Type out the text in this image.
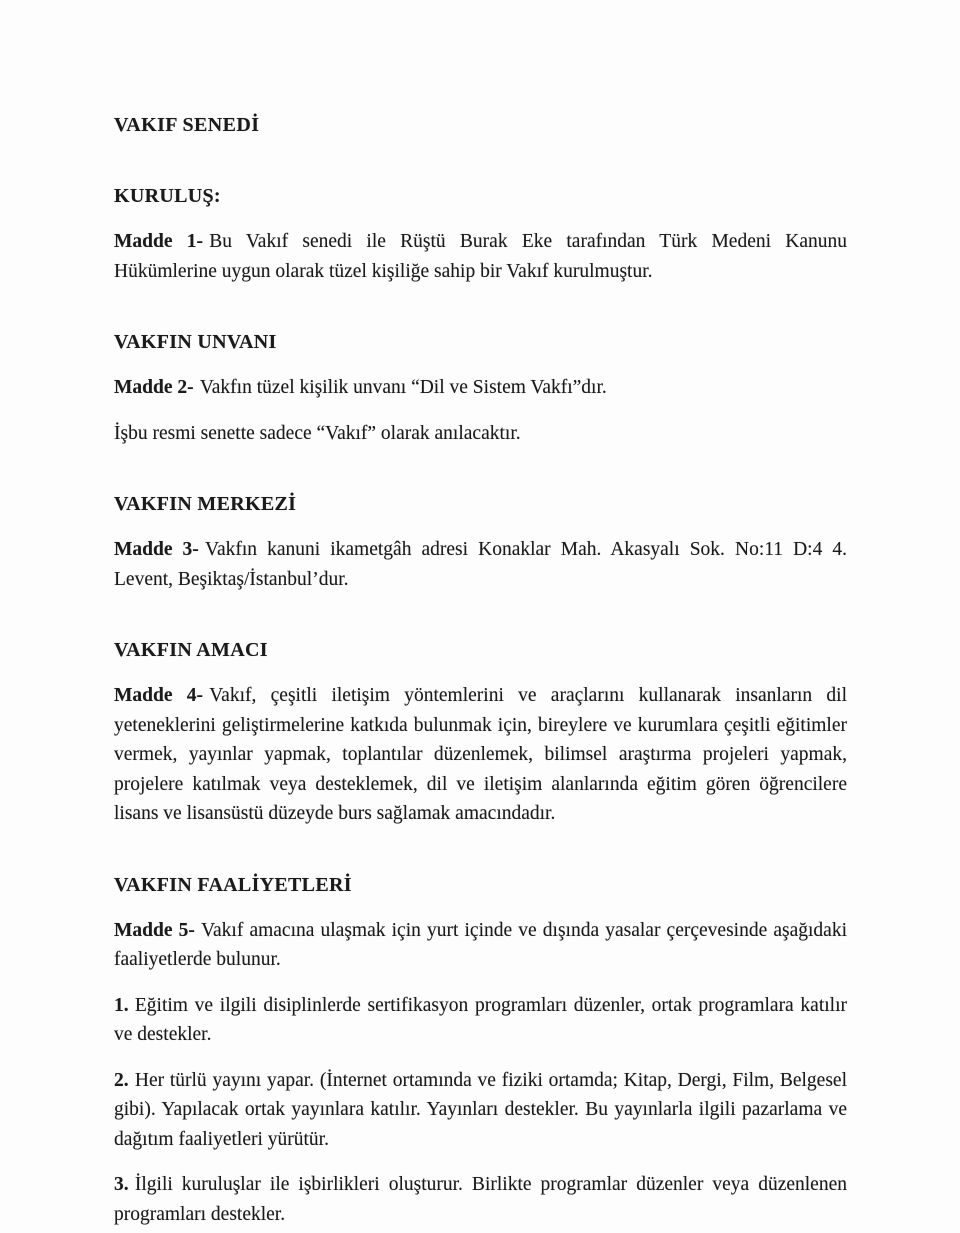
VAKIF SENEDİ
KURULUŞ:

Madde 1- Bu Vakıf senedi ile Rüştü Burak Eke tarafından Türk Medeni Kanunu Hükümlerine uygun olarak tüzel kişiliğe sahip bir Vakıf kurulmuştur.

VAKFIN UNVANI

Madde 2- Vakfın tüzel kişilik unvanı “Dil ve Sistem Vakfı”dır.

İşbu resmi senette sadece “Vakıf” olarak anılacaktır.

VAKFIN MERKEZİ

Madde 3- Vakfın kanuni ikametgâh adresi Konaklar Mah. Akasyalı Sok. No:11 D:4 4. Levent, Beşiktaş/İstanbul’dur.

VAKFIN AMACI

Madde 4- Vakıf, çeşitli iletişim yöntemlerini ve araçlarını kullanarak insanların dil yeteneklerini geliştirmelerine katkıda bulunmak için, bireylere ve kurumlara çeşitli eğitimler vermek, yayınlar yapmak, toplantılar düzenlemek, bilimsel araştırma projeleri yapmak, projelere katılmak veya desteklemek, dil ve iletişim alanlarında eğitim gören öğrencilere lisans ve lisansüstü düzeyde burs sağlamak amacındadır.

VAKFIN FAALİYETLERİ

Madde 5- Vakıf amacına ulaşmak için yurt içinde ve dışında yasalar çerçevesinde aşağıdaki faaliyetlerde bulunur.

1. Eğitim ve ilgili disiplinlerde sertifikasyon programları düzenler, ortak programlara katılır ve destekler.

2. Her türlü yayını yapar. (İnternet ortamında ve fiziki ortamda; Kitap, Dergi, Film, Belgesel gibi). Yapılacak ortak yayınlara katılır. Yayınları destekler. Bu yayınlarla ilgili pazarlama ve dağıtım faaliyetleri yürütür.

3. İlgili kuruluşlar ile işbirlikleri oluşturur. Birlikte programlar düzenler veya düzenlenen programları destekler.
